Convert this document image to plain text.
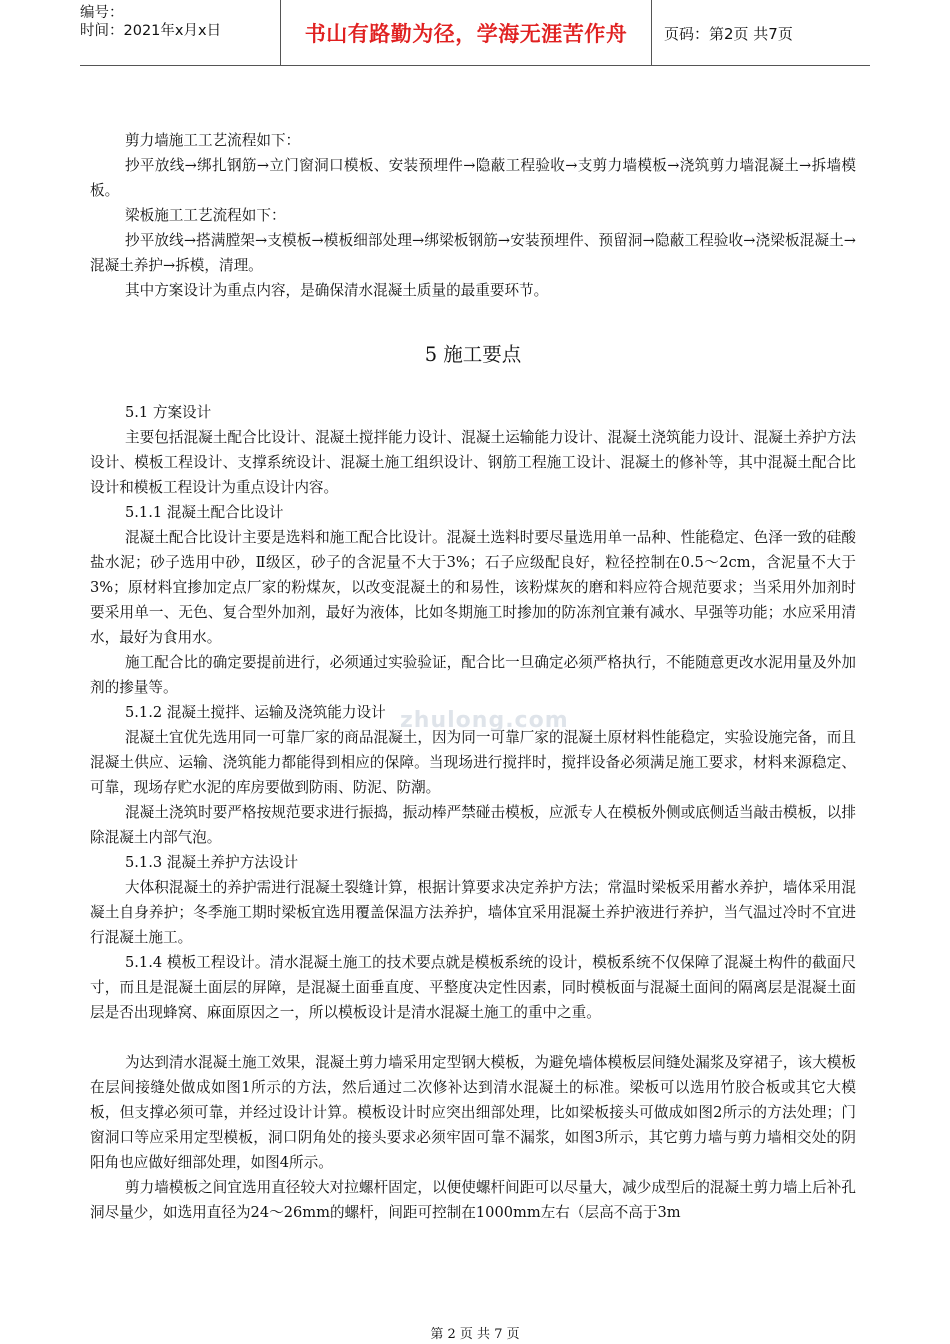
编号：
时间：2021年x月x日	书山有路勤为径，学海无涯苦作舟	页码：第2页 共7页
zhulong.com

剪力墙施工工艺流程如下：

抄平放线→绑扎钢筋→立门窗洞口模板、安装预埋件→隐蔽工程验收→支剪力墙模板→浇筑剪力墙混凝土→拆墙模板。

梁板施工工艺流程如下：

抄平放线→搭满膛架→支模板→模板细部处理→绑梁板钢筋→安装预埋件、预留洞→隐蔽工程验收→浇梁板混凝土→混凝土养护→拆模，清理。

其中方案设计为重点内容，是确保清水混凝土质量的最重要环节。

5 施工要点
5.1 方案设计

主要包括混凝土配合比设计、混凝土搅拌能力设计、混凝土运输能力设计、混凝土浇筑能力设计、混凝土养护方法设计、模板工程设计、支撑系统设计、混凝土施工组织设计、钢筋工程施工设计、混凝土的修补等，其中混凝土配合比设计和模板工程设计为重点设计内容。

5.1.1 混凝土配合比设计

混凝土配合比设计主要是选料和施工配合比设计。混凝土选料时要尽量选用单一品种、性能稳定、色泽一致的硅酸盐水泥；砂子选用中砂，Ⅱ级区，砂子的含泥量不大于3%；石子应级配良好，粒径控制在0.5～2cm，含泥量不大于3%；原材料宜掺加定点厂家的粉煤灰，以改变混凝土的和易性，该粉煤灰的磨和料应符合规范要求；当采用外加剂时要采用单一、无色、复合型外加剂，最好为液体，比如冬期施工时掺加的防冻剂宜兼有减水、早强等功能；水应采用清水，最好为食用水。

施工配合比的确定要提前进行，必须通过实验验证，配合比一旦确定必须严格执行，不能随意更改水泥用量及外加剂的掺量等。

5.1.2 混凝土搅拌、运输及浇筑能力设计

混凝土宜优先选用同一可靠厂家的商品混凝土，因为同一可靠厂家的混凝土原材料性能稳定，实验设施完备，而且混凝土供应、运输、浇筑能力都能得到相应的保障。当现场进行搅拌时，搅拌设备必须满足施工要求，材料来源稳定、可靠，现场存贮水泥的库房要做到防雨、防泥、防潮。

混凝土浇筑时要严格按规范要求进行振捣，振动棒严禁碰击模板，应派专人在模板外侧或底侧适当敲击模板，以排除混凝土内部气泡。

5.1.3 混凝土养护方法设计

大体积混凝土的养护需进行混凝土裂缝计算，根据计算要求决定养护方法；常温时梁板采用蓄水养护，墙体采用混凝土自身养护；冬季施工期时梁板宜选用覆盖保温方法养护，墙体宜采用混凝土养护液进行养护，当气温过冷时不宜进行混凝土施工。

5.1.4 模板工程设计。清水混凝土施工的技术要点就是模板系统的设计，模板系统不仅保障了混凝土构件的截面尺寸，而且是混凝土面层的屏障，是混凝土面垂直度、平整度决定性因素，同时模板面与混凝土面间的隔离层是混凝土面层是否出现蜂窝、麻面原因之一，所以模板设计是清水混凝土施工的重中之重。

为达到清水混凝土施工效果，混凝土剪力墙采用定型钢大模板，为避免墙体模板层间缝处漏浆及穿裙子，该大模板在层间接缝处做成如图1所示的方法，然后通过二次修补达到清水混凝土的标准。梁板可以选用竹胶合板或其它大模板，但支撑必须可靠，并经过设计计算。模板设计时应突出细部处理，比如梁板接头可做成如图2所示的方法处理；门窗洞口等应采用定型模板，洞口阴角处的接头要求必须牢固可靠不漏浆，如图3所示，其它剪力墙与剪力墙相交处的阴阳角也应做好细部处理，如图4所示。

剪力墙模板之间宜选用直径较大对拉螺杆固定，以便使螺杆间距可以尽量大，减少成型后的混凝土剪力墙上后补孔洞尽量少，如选用直径为24～26mm的螺杆，间距可控制在1000mm左右（层高不高于3m

第 2 页 共 7 页
